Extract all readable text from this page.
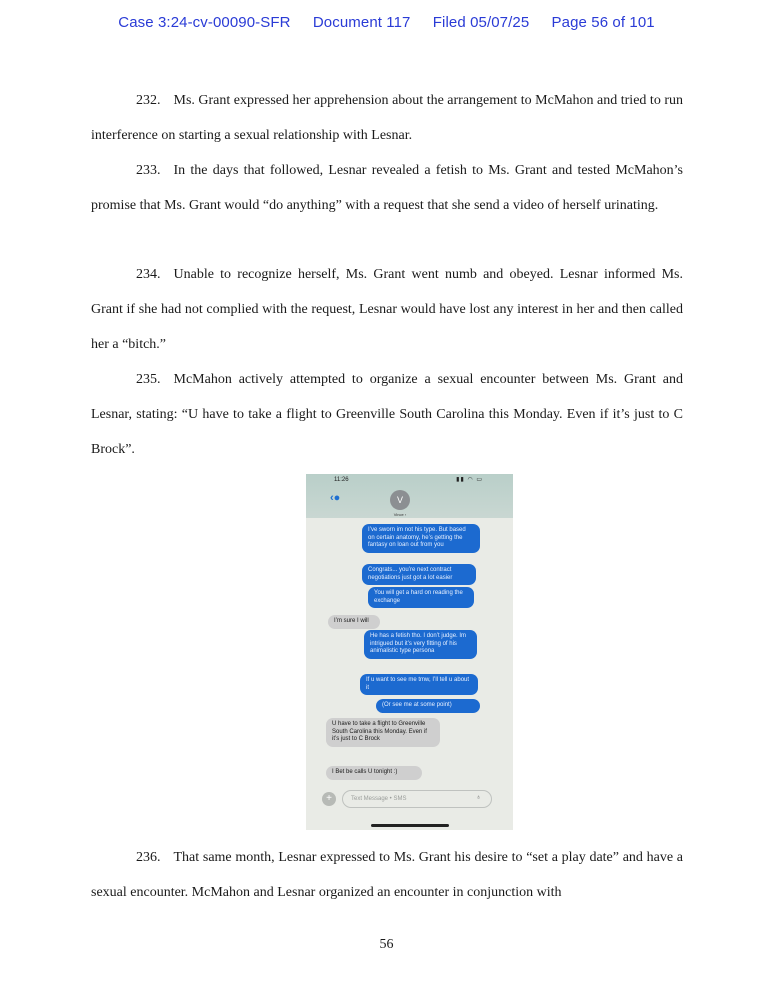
Case 3:24-cv-00090-SFR Document 117 Filed 05/07/25 Page 56 of 101
232. Ms. Grant expressed her apprehension about the arrangement to McMahon and tried to run interference on starting a sexual relationship with Lesnar.
233. In the days that followed, Lesnar revealed a fetish to Ms. Grant and tested McMahon’s promise that Ms. Grant would “do anything” with a request that she send a video of herself urinating.
234. Unable to recognize herself, Ms. Grant went numb and obeyed. Lesnar informed Ms. Grant if she had not complied with the request, Lesnar would have lost any interest in her and then called her a “bitch.”
235. McMahon actively attempted to organize a sexual encounter between Ms. Grant and Lesnar, stating: “U have to take a flight to Greenville South Carolina this Monday. Even if it’s just to C Brock”.
11:26	▮▮ ◠ ▭
‹●	V
Vince ›
I’ve sworn im not his type. But based on certain anatomy, he’s getting the fantasy on loan out from you
Congrats... you’re next contract negotiations just got a lot easier
You will get a hard on reading the exchange
I’m sure I will
He has a fetish tho. I don’t judge. Im intrigued but it’s very fitting of his animalistic type persona
If u want to see me tmw, I’ll tell u about it
(Or see me at some point)
U have to take a flight to Greenville South Carolina this Monday. Even if it’s just to C Brock
I Bet be calls U tonight :)
+	Text Message • SMS	♁
236. That same month, Lesnar expressed to Ms. Grant his desire to “set a play date” and have a sexual encounter. McMahon and Lesnar organized an encounter in conjunction with
56
